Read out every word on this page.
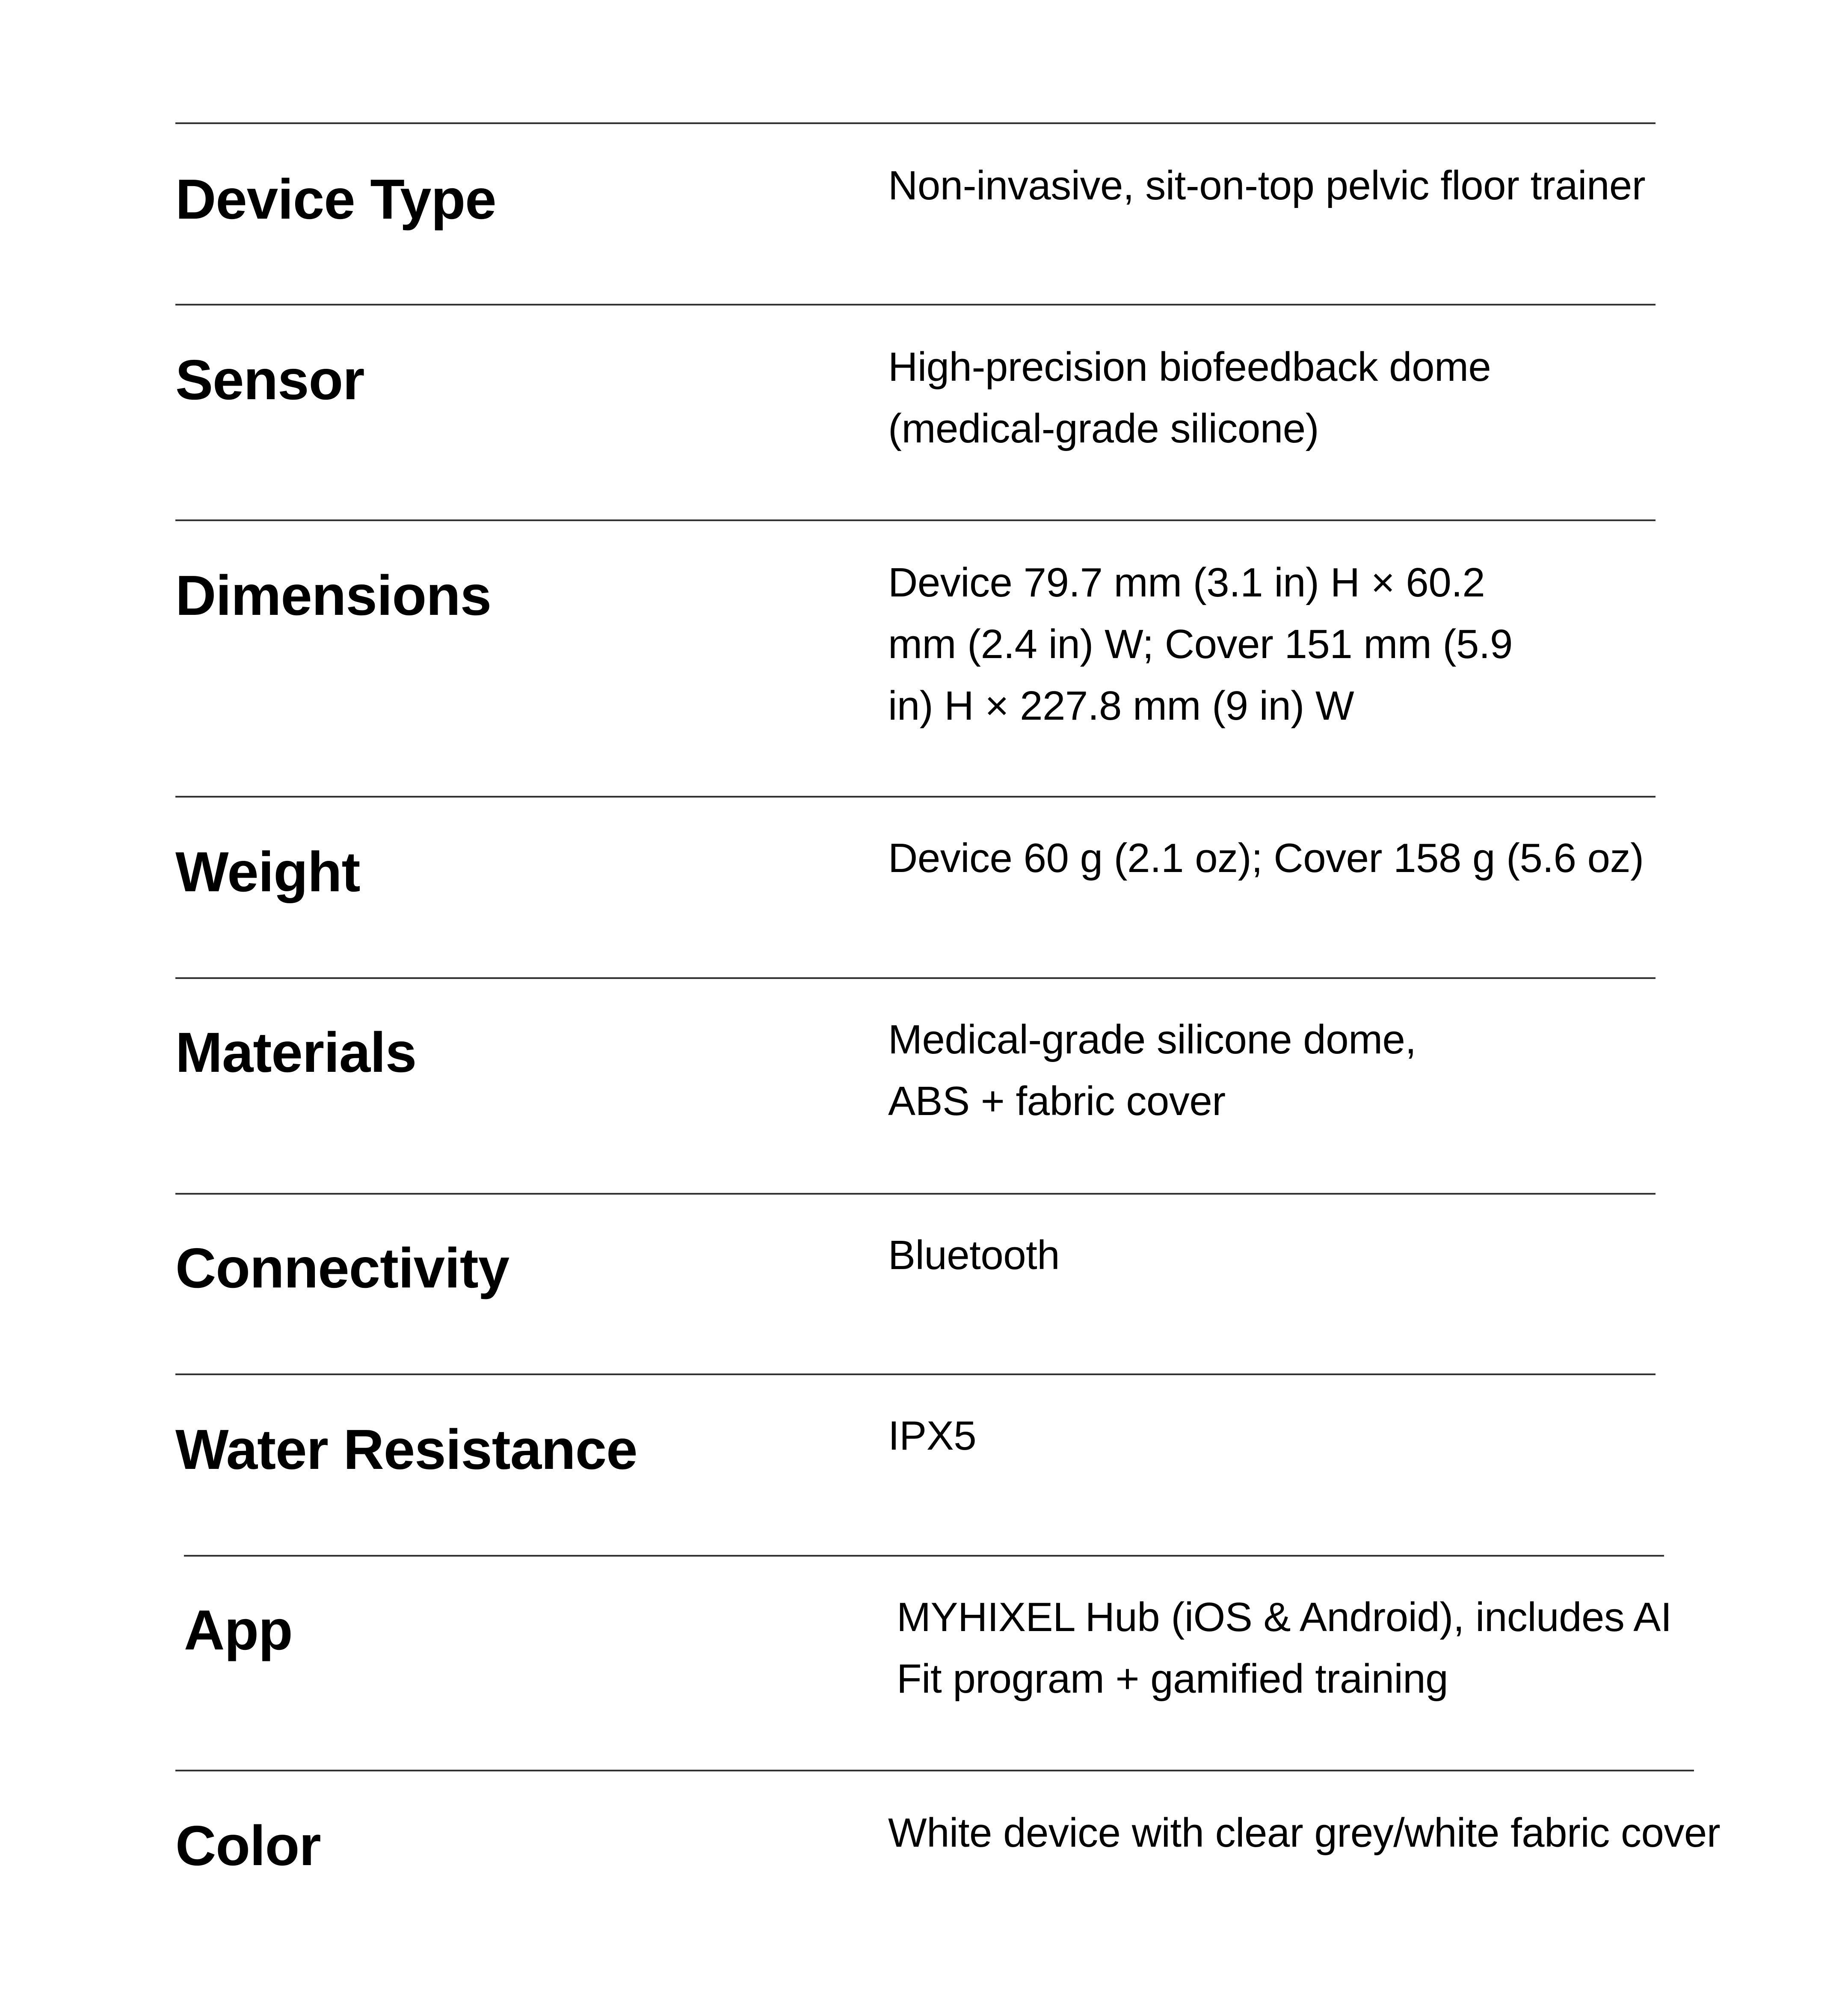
Device Type	Non-invasive, sit-on-top pelvic floor trainer
Sensor	High-precision biofeedback dome
(medical-grade silicone)
Dimensions	Device 79.7 mm (3.1 in) H × 60.2
mm (2.4 in) W; Cover 151 mm (5.9
in) H × 227.8 mm (9 in) W
Weight	Device 60 g (2.1 oz); Cover 158 g (5.6 oz)
Materials	Medical-grade silicone dome,
ABS + fabric cover
Connectivity	Bluetooth
Water Resistance	IPX5
App	MYHIXEL Hub (iOS & Android), includes AI
Fit program + gamified training
Color	White device with clear grey/white fabric cover
